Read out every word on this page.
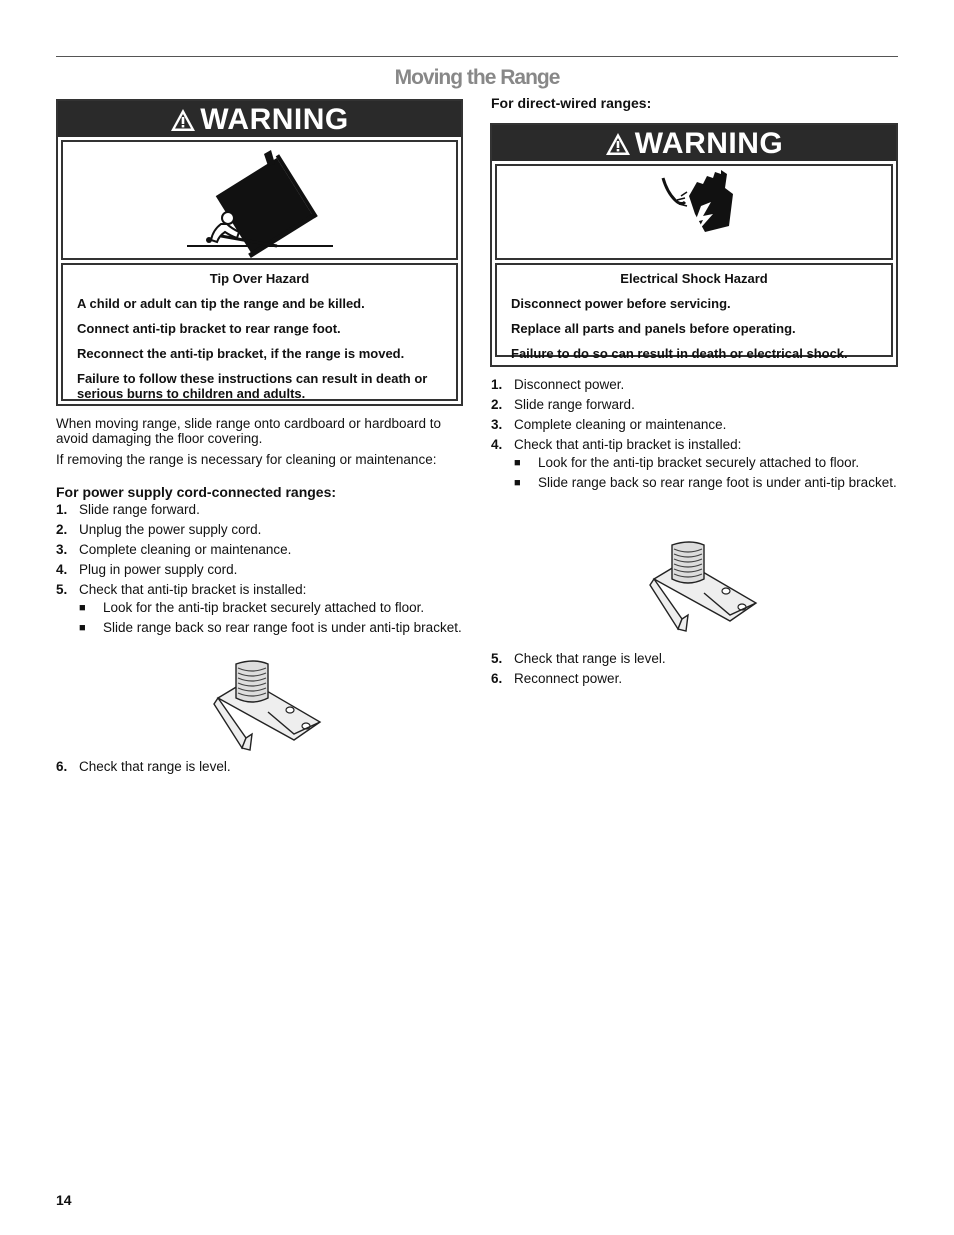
Moving the Range
WARNING

Tip Over Hazard

A child or adult can tip the range and be killed.

Connect anti-tip bracket to rear range foot.

Reconnect the anti-tip bracket, if the range is moved.

Failure to follow these instructions can result in death or serious burns to children and adults.

When moving range, slide range onto cardboard or hardboard to avoid damaging the floor covering.

If removing the range is necessary for cleaning or maintenance:

For power supply cord-connected ranges:

1. Slide range forward.
2. Unplug the power supply cord.
3. Complete cleaning or maintenance.
4. Plug in power supply cord.
5. Check that anti-tip bracket is installed:
■ Look for the anti-tip bracket securely attached to floor.
■ Slide range back so rear range foot is under anti-tip bracket.
6. Check that range is level.
For direct-wired ranges:
WARNING

Electrical Shock Hazard

Disconnect power before servicing.

Replace all parts and panels before operating.

Failure to do so can result in death or electrical shock.

1. Disconnect power.
2. Slide range forward.
3. Complete cleaning or maintenance.
4. Check that anti-tip bracket is installed:
■ Look for the anti-tip bracket securely attached to floor.
■ Slide range back so rear range foot is under anti-tip bracket.
5. Check that range is level.
6. Reconnect power.
14
